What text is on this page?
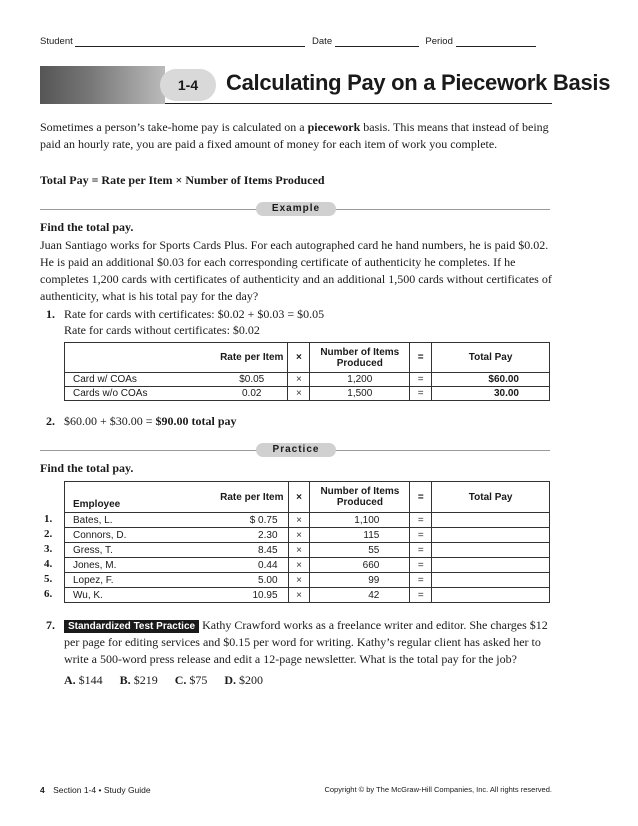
Student	Date	Period
1-4	Calculating Pay on a Piecework Basis

Sometimes a person’s take-home pay is calculated on a piecework basis. This means that instead of being paid an hourly rate, you are paid a fixed amount of money for each item of work you complete.

Total Pay = Rate per Item × Number of Items Produced

Example

Find the total pay.

Juan Santiago works for Sports Cards Plus. For each autographed card he hand numbers, he is paid $0.02. He is paid an additional $0.03 for each corresponding certificate of authenticity he completes. If he completes 1,200 cards with certificates of authenticity and an additional 1,500 cards without certificates of authenticity, what is his total pay for the day?

1. Rate for cards with certificates: $0.02 + $0.03 = $0.05
Rate for cards without certificates: $0.02
	Rate per Item	×	Number of Items Produced	=	Total Pay
Card w/ COAs	$0.05	×	1,200	=	$60.00
Cards w/o COAs	0.02	×	1,500	=	30.00
2. $60.00 + $30.00 = $90.00 total pay
Practice

Find the total pay.

Employee	Rate per Item	×	Number of Items Produced	=	Total Pay
Bates, L.	$ 0.75	×	1,100	=	
Connors, D.	2.30	×	115	=	
Gress, T.	8.45	×	55	=	
Jones, M.	0.44	×	660	=	
Lopez, F.	5.00	×	99	=	
Wu, K.	10.95	×	42	=	
1.
2.
3.
4.
5.
6.
7.	Standardized Test Practice Kathy Crawford works as a freelance writer and editor. She charges $12 per page for editing services and $0.15 per word for writing. Kathy’s regular client has asked her to write a 500-word press release and edit a 12-page newsletter. What is the total pay for the job?
A. $144 B. $219 C. $75 D. $200
4 Section 1-4 • Study Guide	Copyright © by The McGraw-Hill Companies, Inc. All rights reserved.
